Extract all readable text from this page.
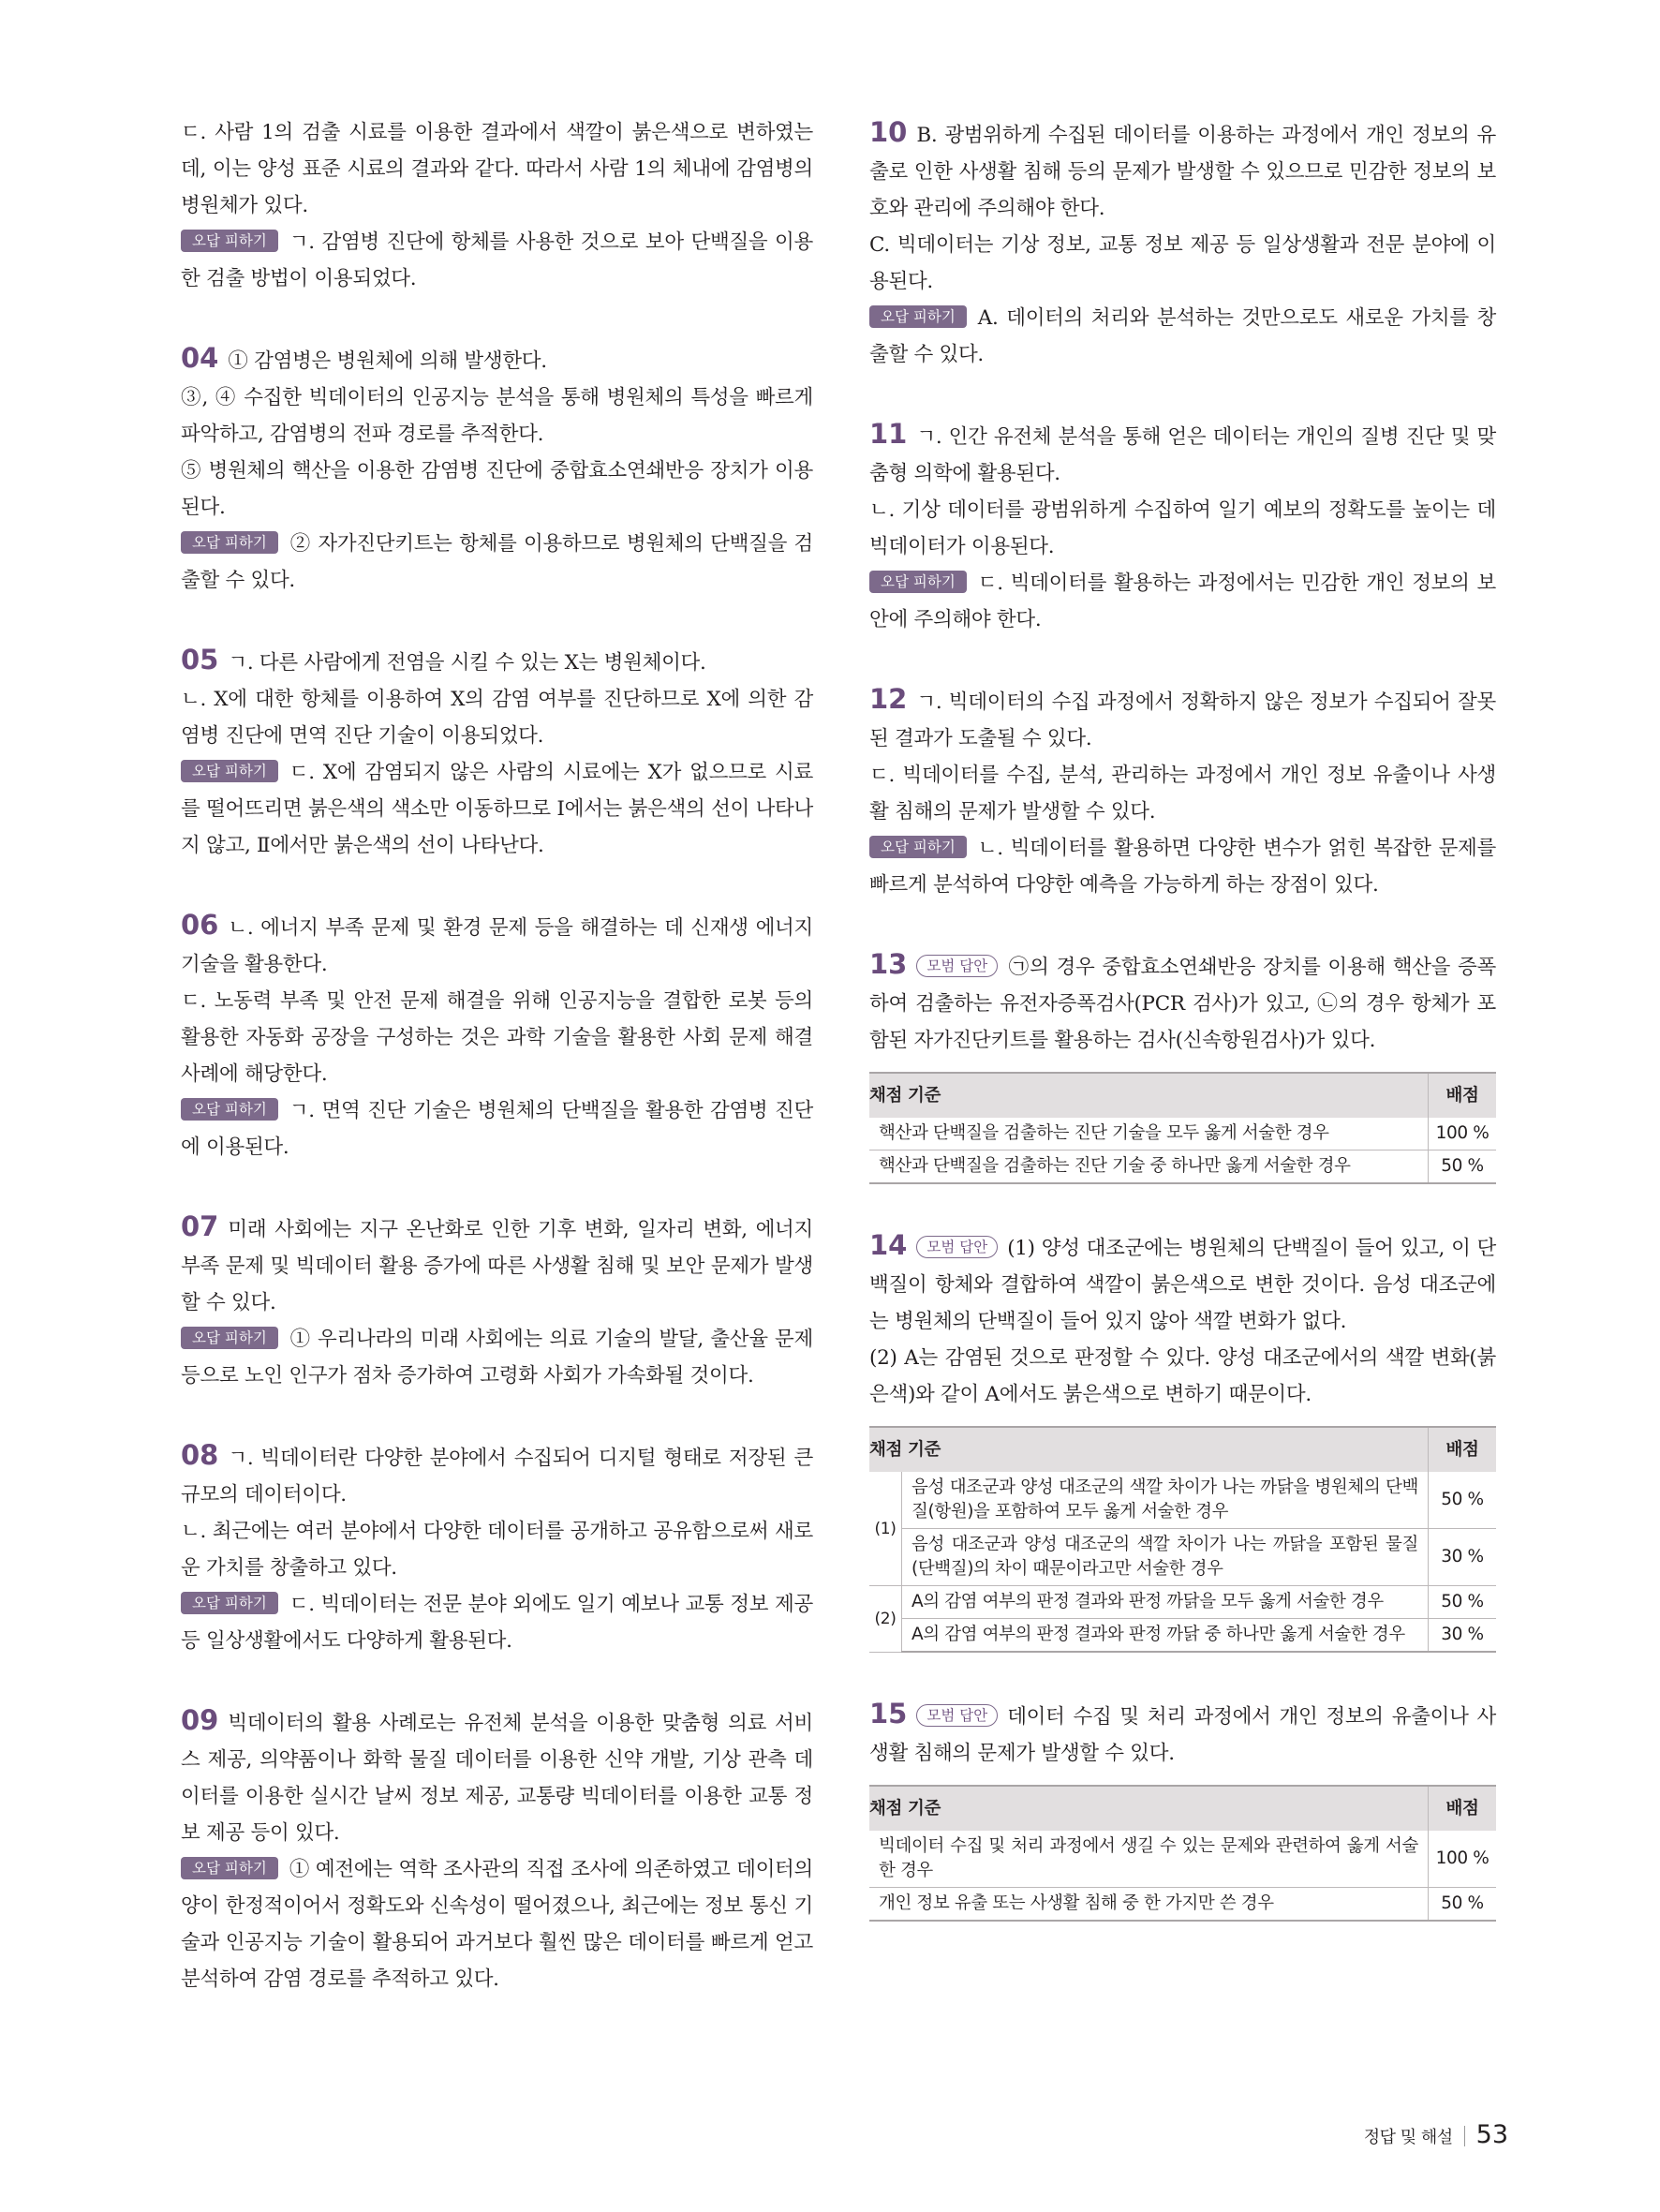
ㄷ. 사람 1의 검출 시료를 이용한 결과에서 색깔이 붉은색으로 변하였는데, 이는 양성 표준 시료의 결과와 같다. 따라서 사람 1의 체내에 감염병의 병원체가 있다.

오답 피하기 ㄱ. 감염병 진단에 항체를 사용한 것으로 보아 단백질을 이용한 검출 방법이 이용되었다.

04 ① 감염병은 병원체에 의해 발생한다.

③, ④ 수집한 빅데이터의 인공지능 분석을 통해 병원체의 특성을 빠르게 파악하고, 감염병의 전파 경로를 추적한다.

⑤ 병원체의 핵산을 이용한 감염병 진단에 중합효소연쇄반응 장치가 이용된다.

오답 피하기 ② 자가진단키트는 항체를 이용하므로 병원체의 단백질을 검출할 수 있다.

05 ㄱ. 다른 사람에게 전염을 시킬 수 있는 X는 병원체이다.

ㄴ. X에 대한 항체를 이용하여 X의 감염 여부를 진단하므로 X에 의한 감염병 진단에 면역 진단 기술이 이용되었다.

오답 피하기 ㄷ. X에 감염되지 않은 사람의 시료에는 X가 없으므로 시료를 떨어뜨리면 붉은색의 색소만 이동하므로 Ⅰ에서는 붉은색의 선이 나타나지 않고, Ⅱ에서만 붉은색의 선이 나타난다.

06 ㄴ. 에너지 부족 문제 및 환경 문제 등을 해결하는 데 신재생 에너지 기술을 활용한다.

ㄷ. 노동력 부족 및 안전 문제 해결을 위해 인공지능을 결합한 로봇 등의 활용한 자동화 공장을 구성하는 것은 과학 기술을 활용한 사회 문제 해결 사례에 해당한다.

오답 피하기 ㄱ. 면역 진단 기술은 병원체의 단백질을 활용한 감염병 진단에 이용된다.

07 미래 사회에는 지구 온난화로 인한 기후 변화, 일자리 변화, 에너지 부족 문제 및 빅데이터 활용 증가에 따른 사생활 침해 및 보안 문제가 발생할 수 있다.

오답 피하기 ① 우리나라의 미래 사회에는 의료 기술의 발달, 출산율 문제 등으로 노인 인구가 점차 증가하여 고령화 사회가 가속화될 것이다.

08 ㄱ. 빅데이터란 다양한 분야에서 수집되어 디지털 형태로 저장된 큰 규모의 데이터이다.

ㄴ. 최근에는 여러 분야에서 다양한 데이터를 공개하고 공유함으로써 새로운 가치를 창출하고 있다.

오답 피하기 ㄷ. 빅데이터는 전문 분야 외에도 일기 예보나 교통 정보 제공 등 일상생활에서도 다양하게 활용된다.

09 빅데이터의 활용 사례로는 유전체 분석을 이용한 맞춤형 의료 서비스 제공, 의약품이나 화학 물질 데이터를 이용한 신약 개발, 기상 관측 데이터를 이용한 실시간 날씨 정보 제공, 교통량 빅데이터를 이용한 교통 정보 제공 등이 있다.

오답 피하기 ① 예전에는 역학 조사관의 직접 조사에 의존하였고 데이터의 양이 한정적이어서 정확도와 신속성이 떨어졌으나, 최근에는 정보 통신 기술과 인공지능 기술이 활용되어 과거보다 훨씬 많은 데이터를 빠르게 얻고 분석하여 감염 경로를 추적하고 있다.

10 B. 광범위하게 수집된 데이터를 이용하는 과정에서 개인 정보의 유출로 인한 사생활 침해 등의 문제가 발생할 수 있으므로 민감한 정보의 보호와 관리에 주의해야 한다.

C. 빅데이터는 기상 정보, 교통 정보 제공 등 일상생활과 전문 분야에 이용된다.

오답 피하기 A. 데이터의 처리와 분석하는 것만으로도 새로운 가치를 창출할 수 있다.

11 ㄱ. 인간 유전체 분석을 통해 얻은 데이터는 개인의 질병 진단 및 맞춤형 의학에 활용된다.

ㄴ. 기상 데이터를 광범위하게 수집하여 일기 예보의 정확도를 높이는 데 빅데이터가 이용된다.

오답 피하기 ㄷ. 빅데이터를 활용하는 과정에서는 민감한 개인 정보의 보안에 주의해야 한다.

12 ㄱ. 빅데이터의 수집 과정에서 정확하지 않은 정보가 수집되어 잘못된 결과가 도출될 수 있다.

ㄷ. 빅데이터를 수집, 분석, 관리하는 과정에서 개인 정보 유출이나 사생활 침해의 문제가 발생할 수 있다.

오답 피하기 ㄴ. 빅데이터를 활용하면 다양한 변수가 얽힌 복잡한 문제를 빠르게 분석하여 다양한 예측을 가능하게 하는 장점이 있다.

13 모범 답안 ㉠의 경우 중합효소연쇄반응 장치를 이용해 핵산을 증폭하여 검출하는 유전자증폭검사(PCR 검사)가 있고, ㉡의 경우 항체가 포함된 자가진단키트를 활용하는 검사(신속항원검사)가 있다.

채점 기준	배점
핵산과 단백질을 검출하는 진단 기술을 모두 옳게 서술한 경우	100 %
핵산과 단백질을 검출하는 진단 기술 중 하나만 옳게 서술한 경우	50 %

14 모범 답안 (1) 양성 대조군에는 병원체의 단백질이 들어 있고, 이 단백질이 항체와 결합하여 색깔이 붉은색으로 변한 것이다. 음성 대조군에는 병원체의 단백질이 들어 있지 않아 색깔 변화가 없다.

(2) A는 감염된 것으로 판정할 수 있다. 양성 대조군에서의 색깔 변화(붉은색)와 같이 A에서도 붉은색으로 변하기 때문이다.

채점 기준		배점
(1)	음성 대조군과 양성 대조군의 색깔 차이가 나는 까닭을 병원체의 단백질(항원)을 포함하여 모두 옳게 서술한 경우	50 %
	음성 대조군과 양성 대조군의 색깔 차이가 나는 까닭을 포함된 물질(단백질)의 차이 때문이라고만 서술한 경우	30 %
(2)	A의 감염 여부의 판정 결과와 판정 까닭을 모두 옳게 서술한 경우	50 %
	A의 감염 여부의 판정 결과와 판정 까닭 중 하나만 옳게 서술한 경우	30 %

15 모범 답안 데이터 수집 및 처리 과정에서 개인 정보의 유출이나 사생활 침해의 문제가 발생할 수 있다.

채점 기준	배점
빅데이터 수집 및 처리 과정에서 생길 수 있는 문제와 관련하여 옳게 서술한 경우	100 %
개인 정보 유출 또는 사생활 침해 중 한 가지만 쓴 경우	50 %
정답 및 해설 53
